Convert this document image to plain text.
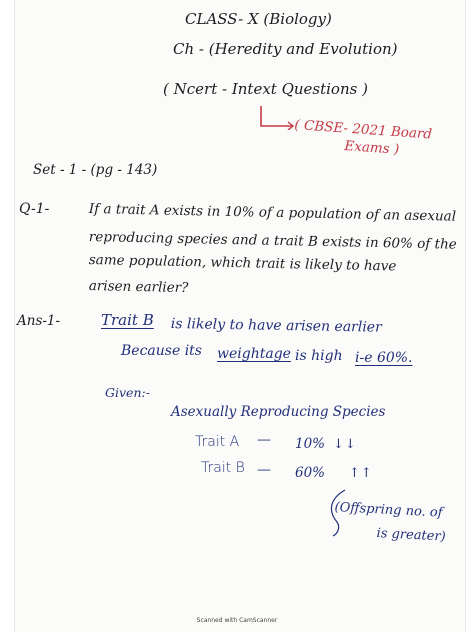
CLASS- X (Biology)
Ch - (Heredity and Evolution)
( Ncert - Intext Questions )
( CBSE- 2021 Board
Exams )
Set - 1 - (pg - 143)
Q-1-	If a trait A exists in 10% of a population of an asexual
reproducing species and a trait B exists in 60% of the
same population, which trait is likely to have
arisen earlier?
Ans-1-	Trait B is likely to have arisen earlier
Because its weightage is high i-e 60%.
Given:-
Asexually Reproducing Species
Trait A — 10% ↓↓
Trait B — 60% ↑↑
(Offspring no. of
is greater)
Scanned with CamScanner
